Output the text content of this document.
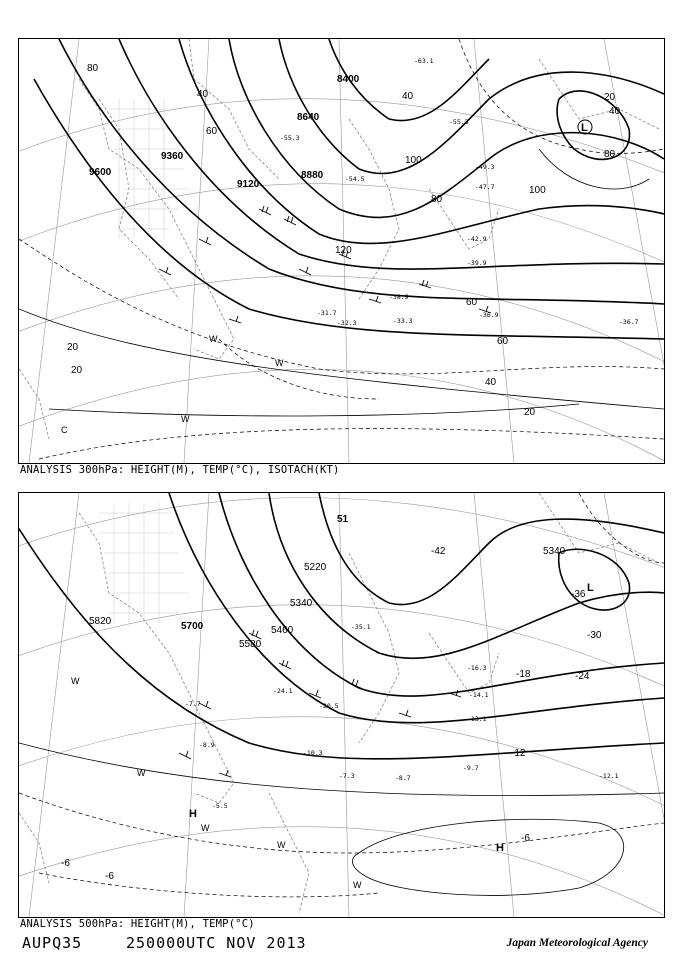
9600
9360
9120
8880
8640
8400
80
40
60
120
100
80
40
60
20
40
80
100
20
20
60
40
20
-39.9
-42.9
-36.7
-33.3
-31.7
-32.3
-49.3
-47.7
-54.5
-55.3
-63.1
-55.3
-38.9
-36.9
L
W
W
W
C
ANALYSIS 300hPa: HEIGHT(M), TEMP(°C), ISOTACH(KT)
5820	5700
5580
5460
5340
5220
51
5340
-42
-36
-30
-24
-18
-12
-6
-6
-6
-35.1
-24.1
-20.5
-16.3
-14.1
-13.1
-10.3
-8.7
-7.3
-5.5
-12.1
-7.7
-8.9
-9.7
L
H
H
W
W
W
W
W
ANALYSIS 500hPa: HEIGHT(M), TEMP(°C)
AUPQ35	250000UTC NOV 2013	Japan Meteorological Agency
